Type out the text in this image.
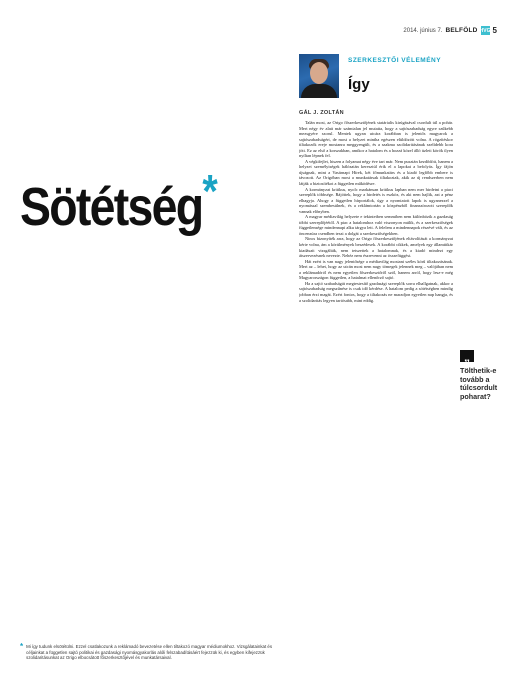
2014. június 7. BELFÖLD HVG 5
SZERKESZTŐI VÉLEMÉNY
Így
GÁL J. ZOLTÁN
Sötétség*

Talán most, az Origo főszerkesztőjének statárialis kirúgásával csordult túl a pohár. Mert négy év alatt már számtalan jel mutatta, hogy a sajtószabadság egyre szűkebb mezsgyére szorul. Mentek ugyan utcára korábban is jelentős magyarok a sajtószabadságért, de most a helyzet mintha egészen elüldözött volna. A rögzítéskor tiltakozók ereje mostanra meggyengült, és a szakma szolidaritásának szelídebb kora jött. Ez az első a korszakban, amikor a hatalom és a hozzá közel álló üzleti körök ilyen nyíltan lépnek fel.

A végkifejlet, hiszen a folyamat négy éve tart már. Nem pusztán kezdődött, hanem a helyzet személyiségek hálózatán keresztül érik el a lapokat a befolyás. Így fájón újságnak, mint a Vasárnapi Hírek, két főmunkatárs és a kiadó legfőbb embere is távozott. Az Origóban most a munkatársak tiltakoztak, akik az új rendszerben nem látják a biztosítékot a független működésre.

A kormányzat kritikus, nyolc markánsan kritikus lapban nem mer hirdetni a piaci szereplők többsége. Rájöttek, hogy a hirdetés is eszköz, és aki nem hajlik, azt a pénz elhagyja. Ahogy a független hírportálok, úgy a nyomtatott lapok is ugyanezzel a nyomással szembesülnek, és a reklámtortán a közpénzből finanszírozott szereplők vannak előnyben.

A magyar médiavilág helyzete e tekintetben semmiben nem különbözik a gazdaság többi szereplőjéétől. A piac a hatalomhoz való viszonyon múlik, és a szerkesztőségek függetlensége mindennapi alku tárgya lett. A felelem a mindennapok részévé vált, és az öncenzúra csendben teszi a dolgát a szerkesztőségekben.

Nincs bizonyíték arra, hogy az Origo főszerkesztőjének eltávolítását a kormányzat kérte volna, ám a körülmények beszédesek. A korábbi cikkek, amelyek egy államtitkár kiadásait vizsgálták, nem tetszettek a hatalomnak, és a kiadó mindezt egy átszervezésnek nevezte. Nehéz nem észrevenni az összefüggést.

Hát ezért is van nagy jelentősége a médiavilág mostani széles körű tiltakozásának. Mert az – lehet, hogy az utcán most nem nagy tömegek jelennek meg – valójában nem a reklámadóról és nem egyetlen főszerkesztőről szól, hanem arról, hogy lesz-e még Magyarországon független, a hatalmat ellenőrző sajtó.

Ha a sajtó szabadságát megtestesítő gazdasági szereplők sorra elhallgatnak, akkor a sajtószabadság megszűnése is csak idő kérdése. A hatalom pedig a sötétségben mindig jobban érzi magát. Ezért fontos, hogy a tiltakozás ne maradjon egyetlen nap hangja, és a szolidaritás legyen tartósabb, mint eddig.

„
Tölthetik-e tovább a túlcsordult poharat?
* Mi így tudunk elsötétülni. Ezzel csatlakozunk a reklámadó bevezetése ellen tiltakozó magyar médiumokhoz. Vizsgálatainkat és céljainkat a független sajtó politikai és gazdasági nyomásgyakorlás alóli felszabadításáért fejezzük ki, és egyben kifejezzük szolidaritásunkat az Origo elbocsátott főszerkesztőjével és munkatársaival.
